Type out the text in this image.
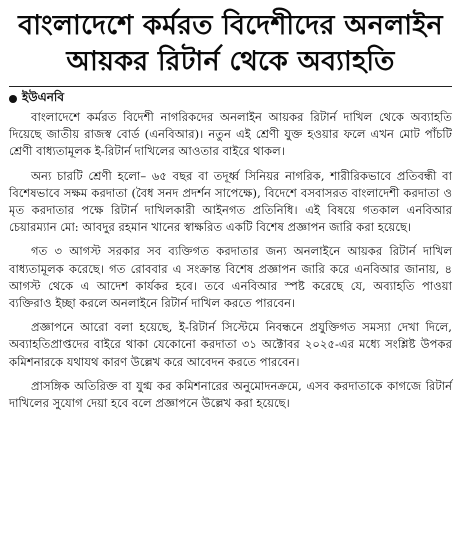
বাংলাদেশে কর্মরত বিদেশীদের অনলাইন
আয়কর রিটার্ন থেকে অব্যাহতি
ইউএনবি

বাংলাদেশে কর্মরত বিদেশী নাগরিকদের অনলাইন আয়কর রিটার্ন দাখিল থেকে অব্যাহতি দিয়েছে জাতীয় রাজস্ব বোর্ড (এনবিআর)। নতুন এই শ্রেণী যুক্ত হওয়ার ফলে এখন মোট পাঁচটি শ্রেণী বাধ্যতামূলক ই-রিটার্ন দাখিলের আওতার বাইরে থাকল।

অন্য চারটি শ্রেণী হলো– ৬৫ বছর বা তদূর্ধ্ব সিনিয়র নাগরিক, শারীরিকভাবে প্রতিবন্ধী বা বিশেষভাবে সক্ষম করদাতা (বৈধ সনদ প্রদর্শন সাপেক্ষে), বিদেশে বসবাসরত বাংলাদেশী করদাতা ও মৃত করদাতার পক্ষে রিটার্ন দাখিলকারী আইনগত প্রতিনিধি। এই বিষয়ে গতকাল এনবিআর চেয়ারম্যান মো: আবদুর রহমান খানের স্বাক্ষরিত একটি বিশেষ প্রজ্ঞাপন জারি করা হয়েছে।

গত ৩ আগস্ট সরকার সব ব্যক্তিগত করদাতার জন্য অনলাইনে আয়কর রিটার্ন দাখিল বাধ্যতামূলক করেছে। গত রোববার এ সংক্রান্ত বিশেষ প্রজ্ঞাপন জারি করে এনবিআর জানায়, ৪ আগস্ট থেকে এ আদেশ কার্যকর হবে। তবে এনবিআর স্পষ্ট করেছে যে, অব্যাহতি পাওয়া ব্যক্তিরাও ইচ্ছা করলে অনলাইনে রিটার্ন দাখিল করতে পারবেন।

প্রজ্ঞাপনে আরো বলা হয়েছে, ই-রিটার্ন সিস্টেমে নিবন্ধনে প্রযুক্তিগত সমস্যা দেখা দিলে, অব্যাহতিপ্রাপ্তদের বাইরে থাকা যেকোনো করদাতা ৩১ অক্টোবর ২০২৫-এর মধ্যে সংশ্লিষ্ট উপকর কমিশনারকে যথাযথ কারণ উল্লেখ করে আবেদন করতে পারবেন।

প্রাসঙ্গিক অতিরিক্ত বা যুগ্ম কর কমিশনারের অনুমোদনক্রমে, এসব করদাতাকে কাগজে রিটার্ন দাখিলের সুযোগ দেয়া হবে বলে প্রজ্ঞাপনে উল্লেখ করা হয়েছে।
